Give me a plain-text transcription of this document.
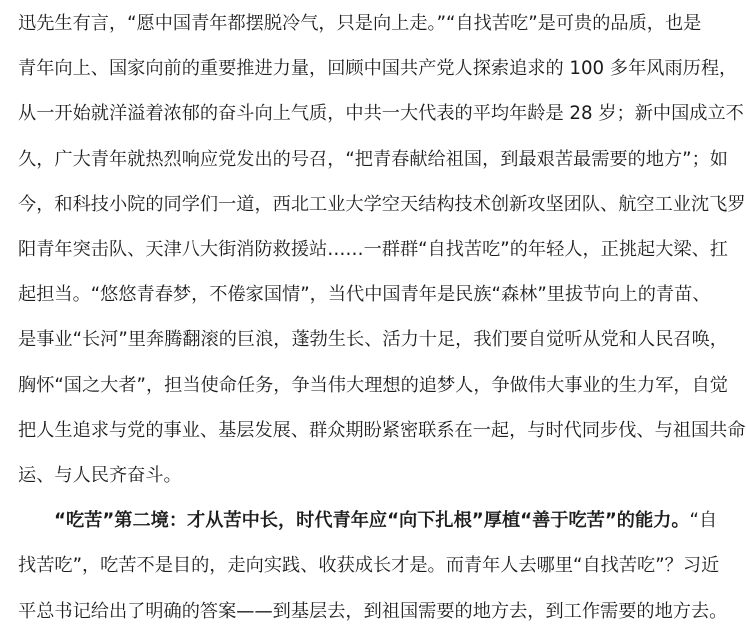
迅先生有言，“愿中国青年都摆脱冷气，只是向上走。”“自找苦吃”是可贵的品质，也是
青年向上、国家向前的重要推进力量，回顾中国共产党人探索追求的 100 多年风雨历程，
从一开始就洋溢着浓郁的奋斗向上气质，中共一大代表的平均年龄是 28 岁；新中国成立不
久，广大青年就热烈响应党发出的号召，“把青春献给祖国，到最艰苦最需要的地方”；如
今，和科技小院的同学们一道，西北工业大学空天结构技术创新攻坚团队、航空工业沈飞罗
阳青年突击队、天津八大街消防救援站……一群群“自找苦吃”的年轻人，正挑起大梁、扛
起担当。“悠悠青春梦，不倦家国情”，当代中国青年是民族“森林”里拔节向上的青苗、
是事业“长河”里奔腾翻滚的巨浪，蓬勃生长、活力十足，我们要自觉听从党和人民召唤，
胸怀“国之大者”，担当使命任务，争当伟大理想的追梦人，争做伟大事业的生力军，自觉
把人生追求与党的事业、基层发展、群众期盼紧密联系在一起，与时代同步伐、与祖国共命
运、与人民齐奋斗。
“吃苦”第二境：才从苦中长，时代青年应“向下扎根”厚植“善于吃苦”的能力。 “自
找苦吃”，吃苦不是目的，走向实践、收获成长才是。而青年人去哪里“自找苦吃”？习近
平总书记给出了明确的答案——到基层去，到祖国需要的地方去，到工作需要的地方去。
